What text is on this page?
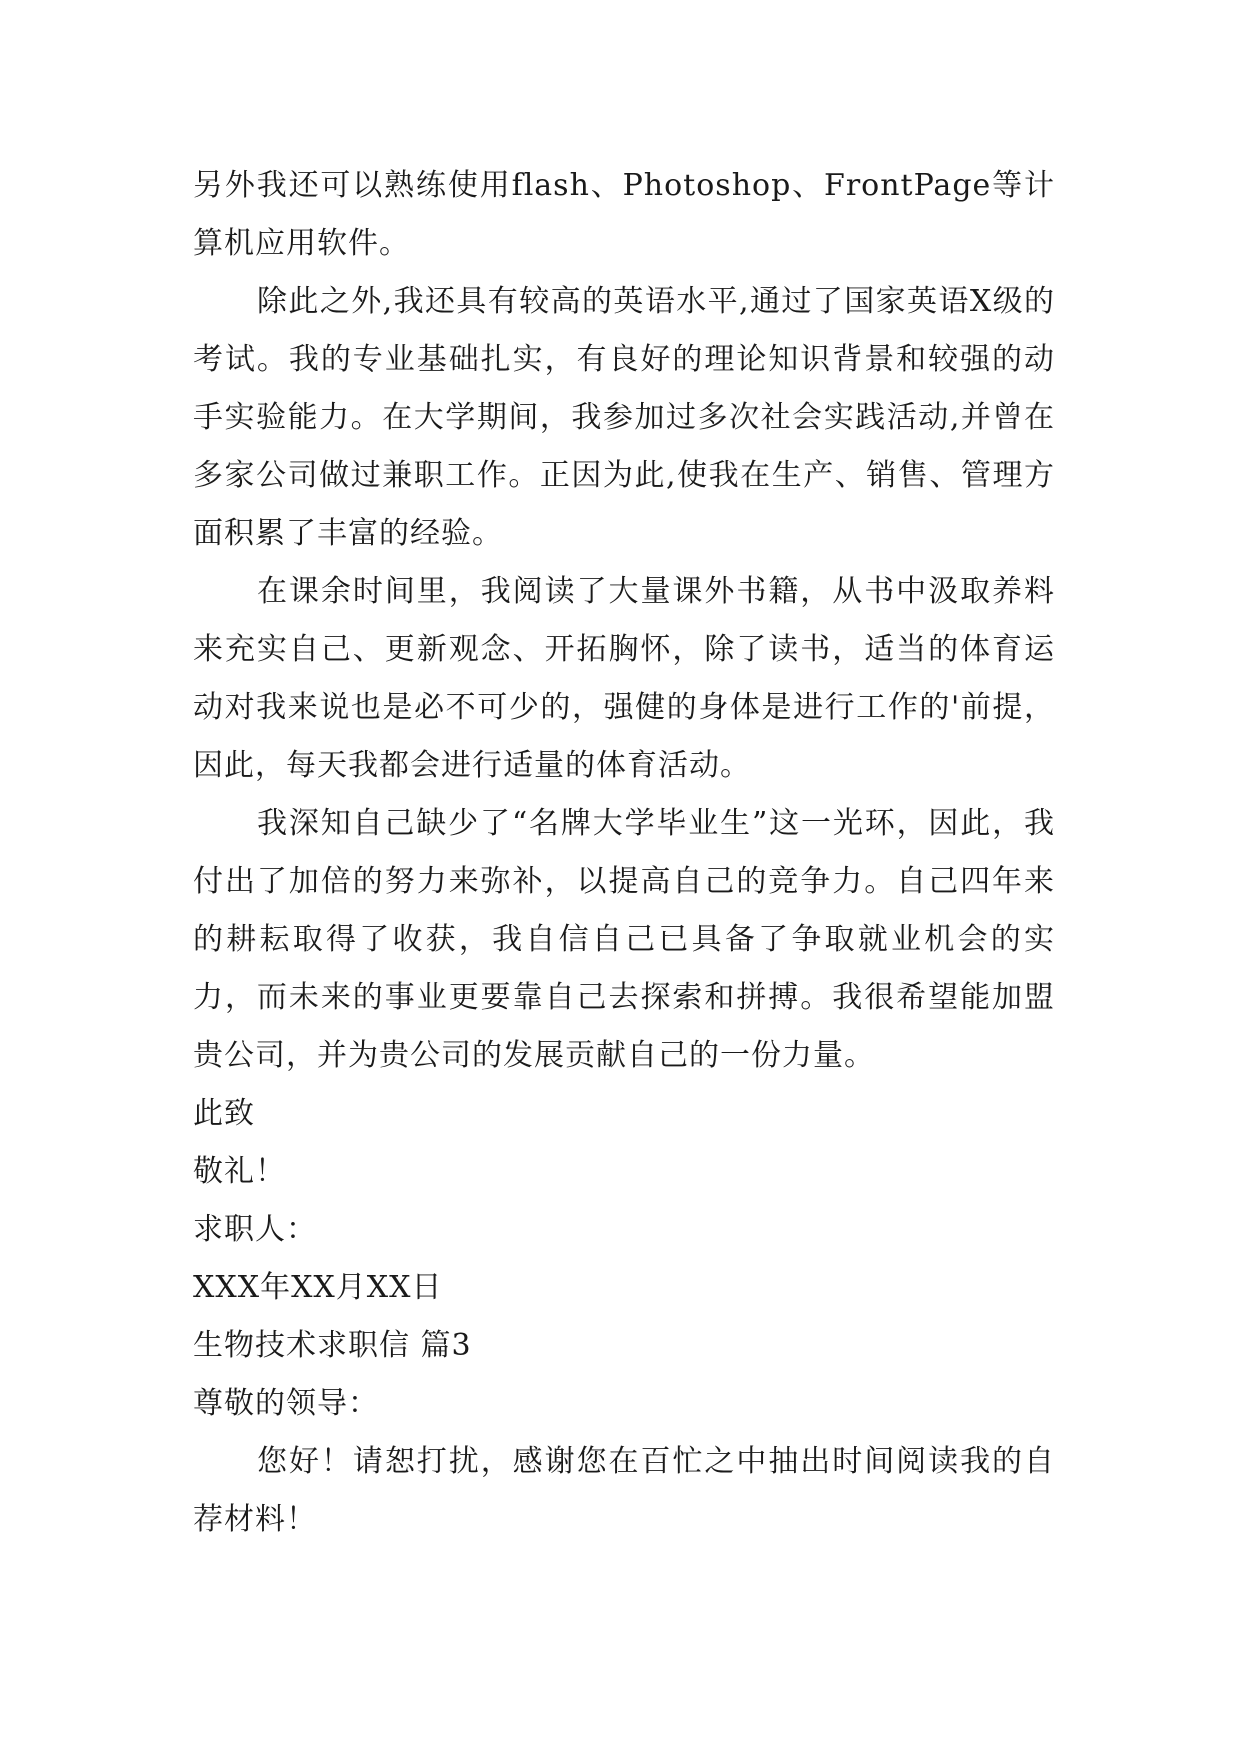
另外我还可以熟练使用flash、Photoshop、FrontPage等计算机应用软件。

除此之外,我还具有较高的英语水平,通过了国家英语X级的考试。我的专业基础扎实，有良好的理论知识背景和较强的动手实验能力。在大学期间，我参加过多次社会实践活动,并曾在多家公司做过兼职工作。正因为此,使我在生产、销售、管理方面积累了丰富的经验。

在课余时间里，我阅读了大量课外书籍，从书中汲取养料来充实自己、更新观念、开拓胸怀，除了读书，适当的体育运动对我来说也是必不可少的，强健的身体是进行工作的'前提，因此，每天我都会进行适量的体育活动。

我深知自己缺少了“名牌大学毕业生”这一光环，因此，我付出了加倍的努力来弥补，以提高自己的竞争力。自己四年来的耕耘取得了收获，我自信自己已具备了争取就业机会的实力，而未来的事业更要靠自己去探索和拼搏。我很希望能加盟贵公司，并为贵公司的发展贡献自己的一份力量。

此致

敬礼！

求职人：

XXX年XX月XX日

生物技术求职信 篇3

尊敬的领导：

您好！请恕打扰，感谢您在百忙之中抽出时间阅读我的自荐材料！
